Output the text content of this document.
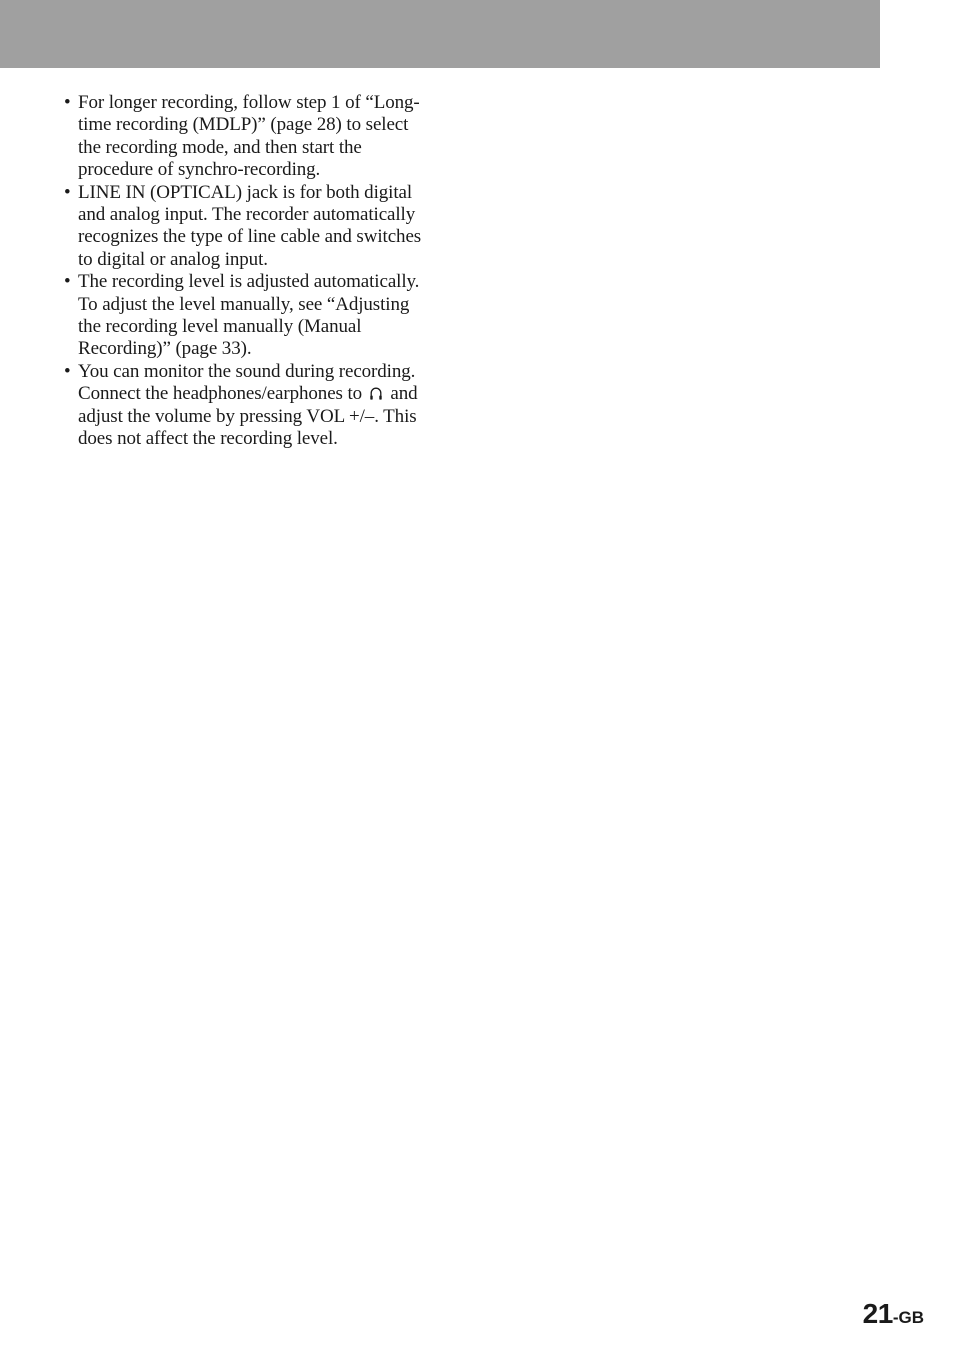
• For longer recording, follow step 1 of “Long-
time recording (MDLP)” (page 28) to select
the recording mode, and then start the
procedure of synchro-recording.
• LINE IN (OPTICAL) jack is for both digital
and analog input. The recorder automatically
recognizes the type of line cable and switches
to digital or analog input.
• The recording level is adjusted automatically.
To adjust the level manually, see “Adjusting
the recording level manually (Manual
Recording)” (page 33).
• You can monitor the sound during recording.
Connect the headphones/earphones to and
adjust the volume by pressing VOL +/–. This
does not affect the recording level.
21-GB
